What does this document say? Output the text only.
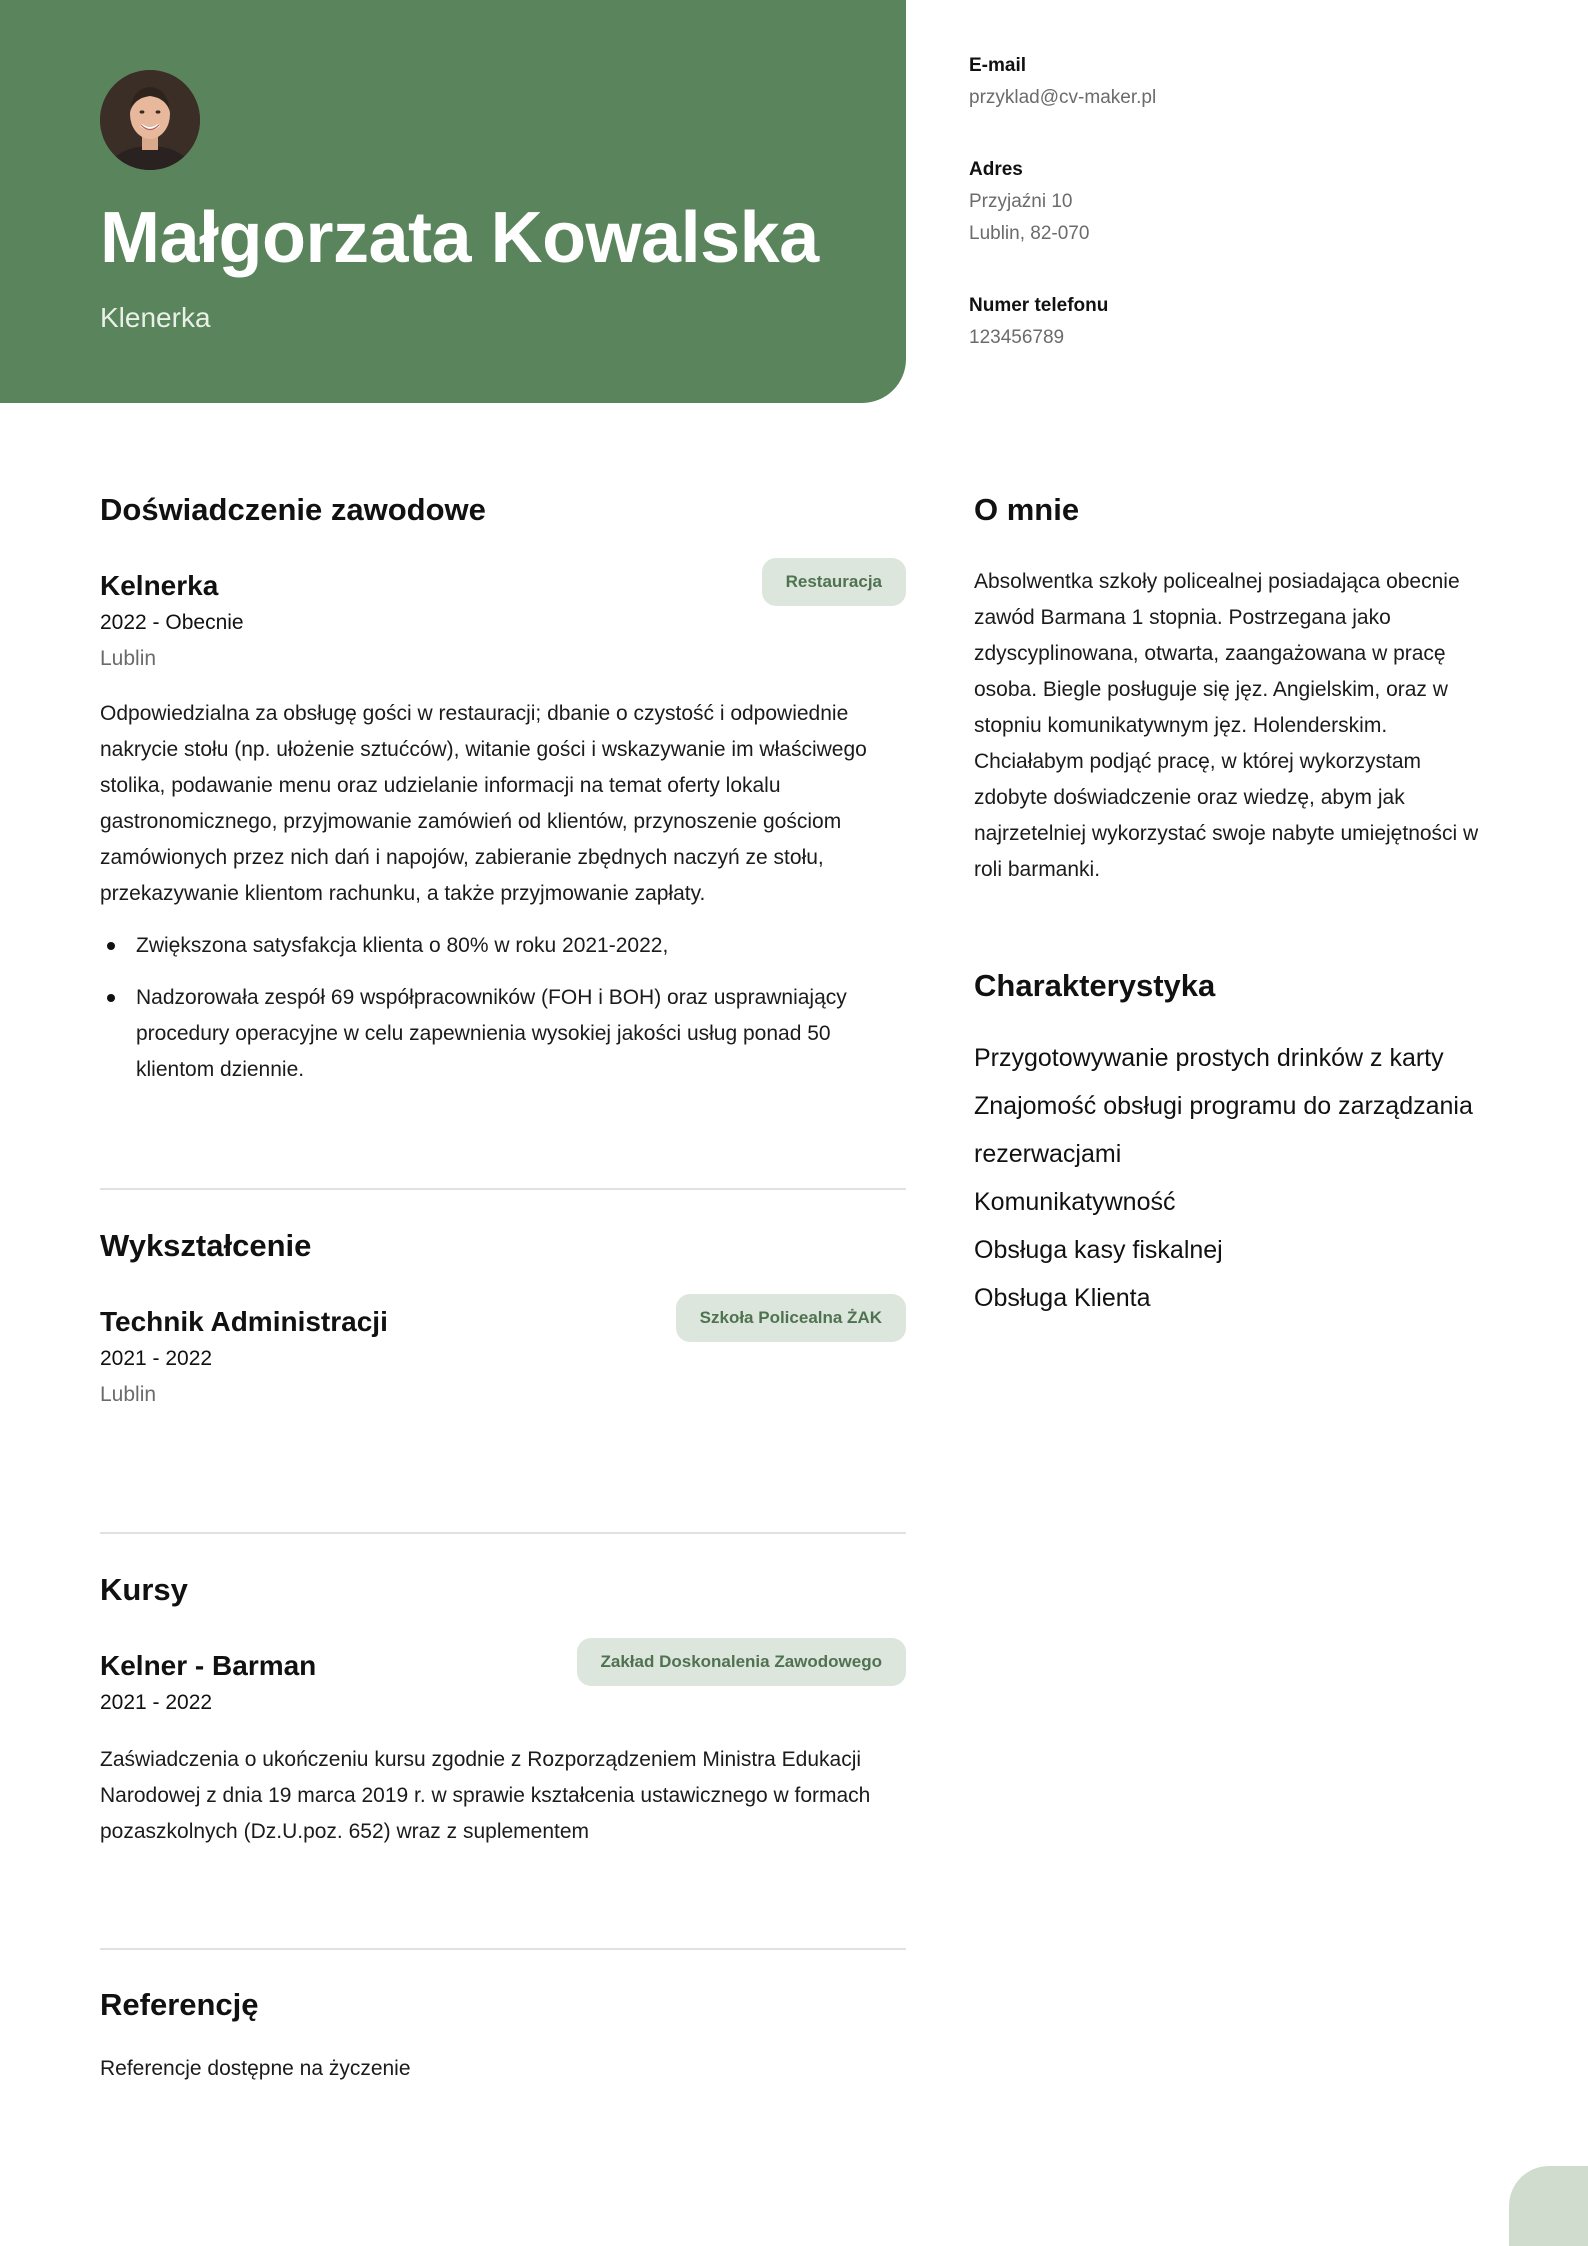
Małgorzata Kowalska
Klenerka
E-mail
przyklad@cv-maker.pl
Adres
Przyjaźni 10
Lublin, 82-070
Numer telefonu
123456789
Doświadczenie zawodowe
Restauracja
Kelnerka
2022 - Obecnie
Lublin
Odpowiedzialna za obsługę gości w restauracji; dbanie o czystość i odpowiednie nakrycie stołu (np. ułożenie sztućców), witanie gości i wskazywanie im właściwego stolika, podawanie menu oraz udzielanie informacji na temat oferty lokalu gastronomicznego, przyjmowanie zamówień od klientów, przynoszenie gościom zamówionych przez nich dań i napojów, zabieranie zbędnych naczyń ze stołu, przekazywanie klientom rachunku, a także przyjmowanie zapłaty.
Zwiększona satysfakcja klienta o 80% w roku 2021-2022,
Nadzorowała zespół 69 współpracowników (FOH i BOH) oraz usprawniający procedury operacyjne w celu zapewnienia wysokiej jakości usług ponad 50 klientom dziennie.
Wykształcenie
Szkoła Policealna ŻAK
Technik Administracji
2021 - 2022
Lublin
Kursy
Zakład Doskonalenia Zawodowego
Kelner - Barman
2021 - 2022
Zaświadczenia o ukończeniu kursu zgodnie z Rozporządzeniem Ministra Edukacji Narodowej z dnia 19 marca 2019 r. w sprawie kształcenia ustawicznego w formach pozaszkolnych (Dz.U.poz. 652) wraz z suplementem
Referencję
Referencje dostępne na życzenie
O mnie
Absolwentka szkoły policealnej posiadająca obecnie zawód Barmana 1 stopnia. Postrzegana jako zdyscyplinowana, otwarta, zaangażowana w pracę osoba. Biegle posługuje się jęz. Angielskim, oraz w stopniu komunikatywnym jęz. Holenderskim. Chciałabym podjąć pracę, w której wykorzystam zdobyte doświadczenie oraz wiedzę, abym jak najrzetelniej wykorzystać swoje nabyte umiejętności w roli barmanki.
Charakterystyka
Przygotowywanie prostych drinków z karty
Znajomość obsługi programu do zarządzania rezerwacjami
Komunikatywność
Obsługa kasy fiskalnej
Obsługa Klienta
